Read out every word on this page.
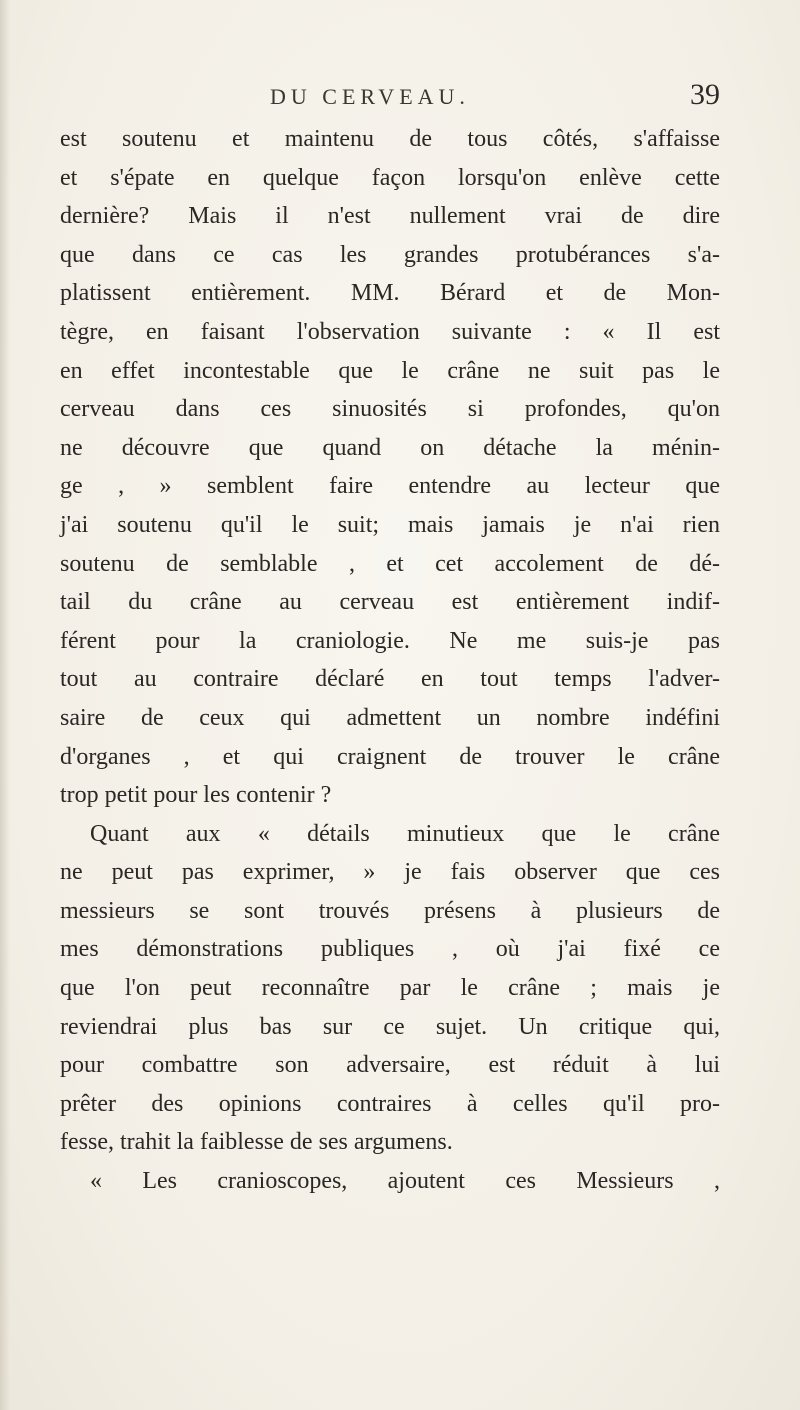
DU CERVEAU.	39
est soutenu et maintenu de tous côtés, s'affaisse
et s'épate en quelque façon lorsqu'on enlève cette
dernière? Mais il n'est nullement vrai de dire
que dans ce cas les grandes protubérances s'a-
platissent entièrement. MM. Bérard et de Mon-
tègre, en faisant l'observation suivante : « Il est
en effet incontestable que le crâne ne suit pas le
cerveau dans ces sinuosités si profondes, qu'on
ne découvre que quand on détache la ménin-
ge , » semblent faire entendre au lecteur que
j'ai soutenu qu'il le suit; mais jamais je n'ai rien
soutenu de semblable , et cet accolement de dé-
tail du crâne au cerveau est entièrement indif-
férent pour la craniologie. Ne me suis-je pas
tout au contraire déclaré en tout temps l'adver-
saire de ceux qui admettent un nombre indéfini
d'organes , et qui craignent de trouver le crâne
trop petit pour les contenir ?
Quant aux « détails minutieux que le crâne
ne peut pas exprimer, » je fais observer que ces
messieurs se sont trouvés présens à plusieurs de
mes démonstrations publiques , où j'ai fixé ce
que l'on peut reconnaître par le crâne ; mais je
reviendrai plus bas sur ce sujet. Un critique qui,
pour combattre son adversaire, est réduit à lui
prêter des opinions contraires à celles qu'il pro-
fesse, trahit la faiblesse de ses argumens.
« Les cranioscopes, ajoutent ces Messieurs ,
